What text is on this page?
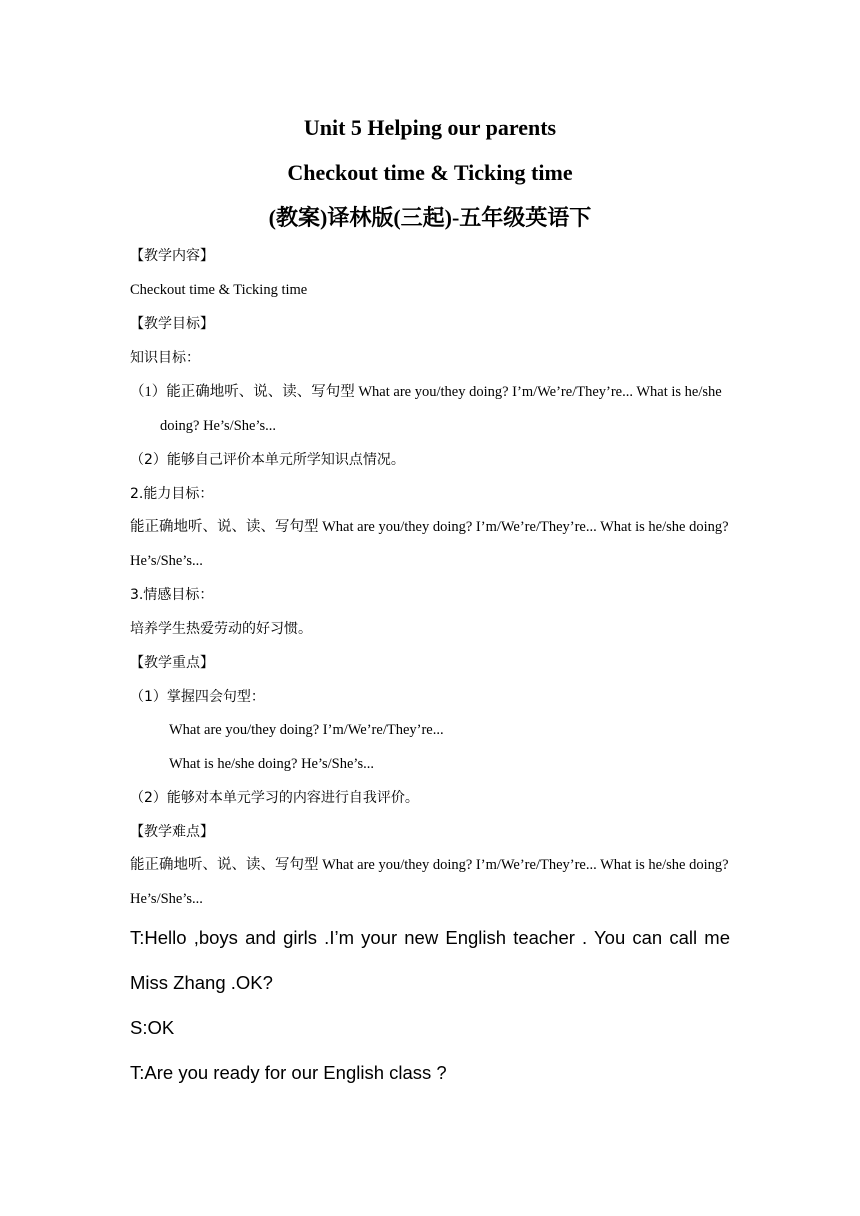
Unit 5 Helping our parents
Checkout time & Ticking time
(教案)译林版(三起)-五年级英语下
【教学内容】
Checkout time & Ticking time
【教学目标】
知识目标：
（1）能正确地听、说、读、写句型 What are you/they doing? I’m/We’re/They’re... What is he/she
doing? He’s/She’s...
（2）能够自己评价本单元所学知识点情况。
2.能力目标：
能正确地听、说、读、写句型 What are you/they doing? I’m/We’re/They’re... What is he/she doing?
He’s/She’s...
3.情感目标：
培养学生热爱劳动的好习惯。
【教学重点】
（1）掌握四会句型：
What are you/they doing? I’m/We’re/They’re...
What is he/she doing? He’s/She’s...
（2）能够对本单元学习的内容进行自我评价。
【教学难点】
能正确地听、说、读、写句型 What are you/they doing? I’m/We’re/They’re... What is he/she doing?
He’s/She’s...
T:Hello ,boys and girls .I’m your new English teacher . You can call me
Miss Zhang .OK?
S:OK
T:Are you ready for our English class ?
